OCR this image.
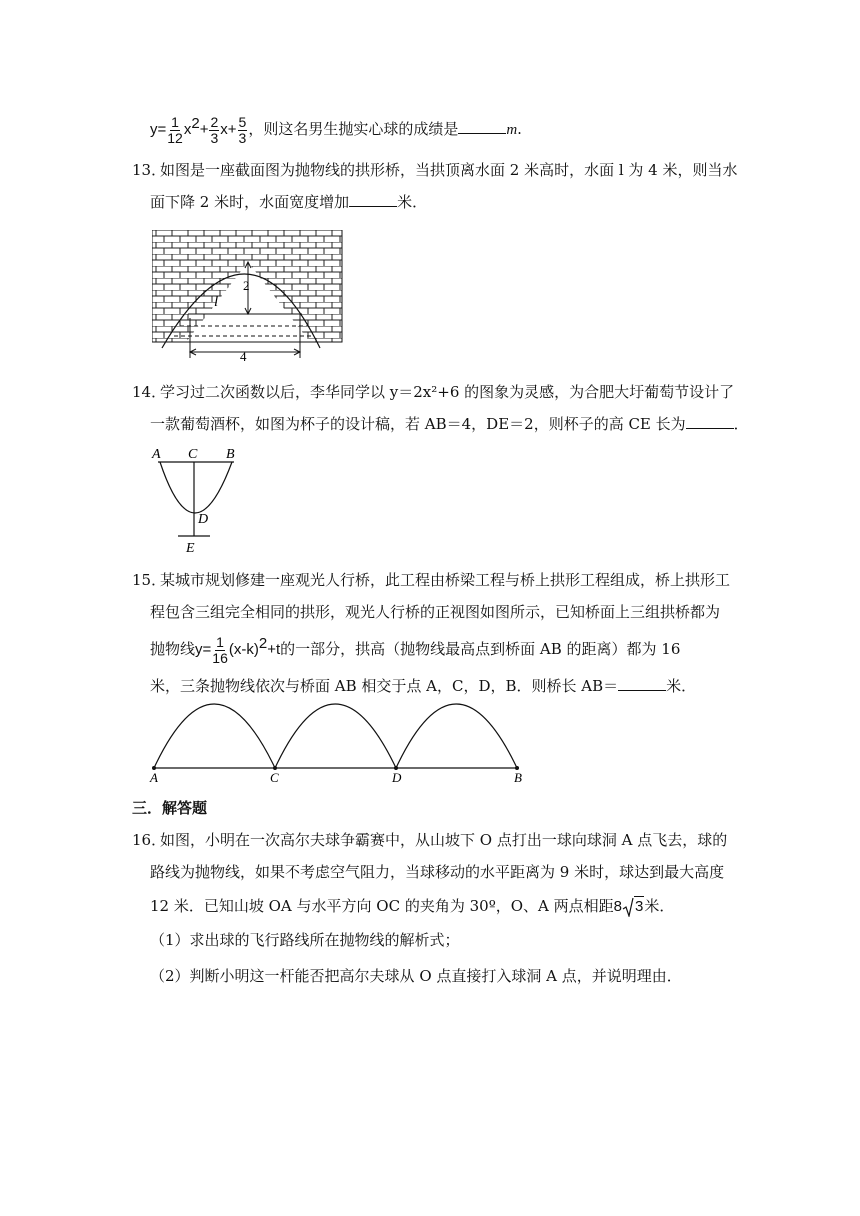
$y= \frac{1}{12} x^2+ \frac{2}{3} x+ \frac{5}{3}$ ，则这名男生抛实心球的成绩是	m.
13．
如图是一座截面图为抛物线的拱形桥，当拱顶离水面 2 米高时，水面 l 为 4 米，则当水
面下降 2 米时，水面宽度增加	米．
2
l
4
14．
学习过二次函数以后，李华同学以 y＝2x²+6 的图象为灵感，为合肥大圩葡萄节设计了
一款葡萄酒杯，如图为杯子的设计稿，若 AB＝4，DE＝2，则杯子的高 CE 长为	．
A C B
D
E
15．
某城市规划修建一座观光人行桥，此工程由桥梁工程与桥上拱形工程组成，桥上拱形工
程包含三组完全相同的拱形，观光人行桥的正视图如图所示，已知桥面上三组拱桥都为
抛物线$y= \frac{1}{16} (x-k)^2+t$的一部分，拱高（抛物线最高点到桥面 AB 的距离）都为 16
米，三条抛物线依次与桥面 AB 相交于点 A，C，D，B．则桥长 AB＝	米．
A	C	D	B
三．解答题
16．
如图，小明在一次高尔夫球争霸赛中，从山坡下 O 点打出一球向球洞 A 点飞去，球的
路线为抛物线，如果不考虑空气阻力，当球移动的水平距离为 9 米时，球达到最大高度
12 米．已知山坡 OA 与水平方向 OC 的夹角为 30º，O、A 两点相距 8 3 米．
（1）求出球的飞行路线所在抛物线的解析式；
（2）判断小明这一杆能否把高尔夫球从 O 点直接打入球洞 A 点，并说明理由．
